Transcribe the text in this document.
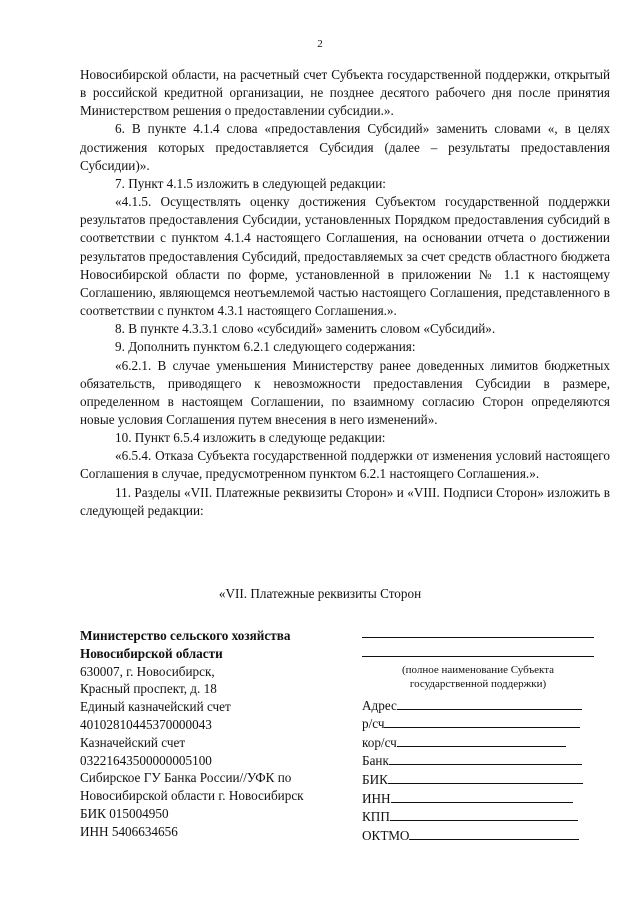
2

Новосибирской области, на расчетный счет Субъекта государственной поддержки, открытый в российской кредитной организации, не позднее десятого рабочего дня после принятия Министерством решения о предоставлении субсидии.».

6. В пункте 4.1.4 слова «предоставления Субсидий» заменить словами «, в целях достижения которых предоставляется Субсидия (далее – результаты предоставления Субсидии)».

7. Пункт 4.1.5 изложить в следующей редакции:

«4.1.5. Осуществлять оценку достижения Субъектом государственной поддержки результатов предоставления Субсидии, установленных Порядком предоставления субсидий в соответствии с пунктом 4.1.4 настоящего Соглашения, на основании отчета о достижении результатов предоставления Субсидий, предоставляемых за счет средств областного бюджета Новосибирской области по форме, установленной в приложении № 1.1 к настоящему Соглашению, являющемся неотъемлемой частью настоящего Соглашения, представленного в соответствии с пунктом 4.3.1 настоящего Соглашения.».

8. В пункте 4.3.3.1 слово «субсидий» заменить словом «Субсидий».

9. Дополнить пунктом 6.2.1 следующего содержания:

«6.2.1. В случае уменьшения Министерству ранее доведенных лимитов бюджетных обязательств, приводящего к невозможности предоставления Субсидии в размере, определенном в настоящем Соглашении, по взаимному согласию Сторон определяются новые условия Соглашения путем внесения в него изменений».

10. Пункт 6.5.4 изложить в следующе редакции:

«6.5.4. Отказа Субъекта государственной поддержки от изменения условий настоящего Соглашения в случае, предусмотренном пунктом 6.2.1 настоящего Соглашения.».

11. Разделы «VII. Платежные реквизиты Сторон» и «VIII. Подписи Сторон» изложить в следующей редакции:

«VII. Платежные реквизиты Сторон
Министерство сельского хозяйства
Новосибирской области
630007, г. Новосибирск,
Красный проспект, д. 18
Единый казначейский счет
40102810445370000043
Казначейский счет
03221643500000005100
Сибирское ГУ Банка России//УФК по
Новосибирской области г. Новосибирск
БИК 015004950
ИНН 5406634656
(полное наименование Субъекта
государственной поддержки)
Адрес
р/сч
кор/сч
Банк
БИК
ИНН
КПП
ОКТМО
